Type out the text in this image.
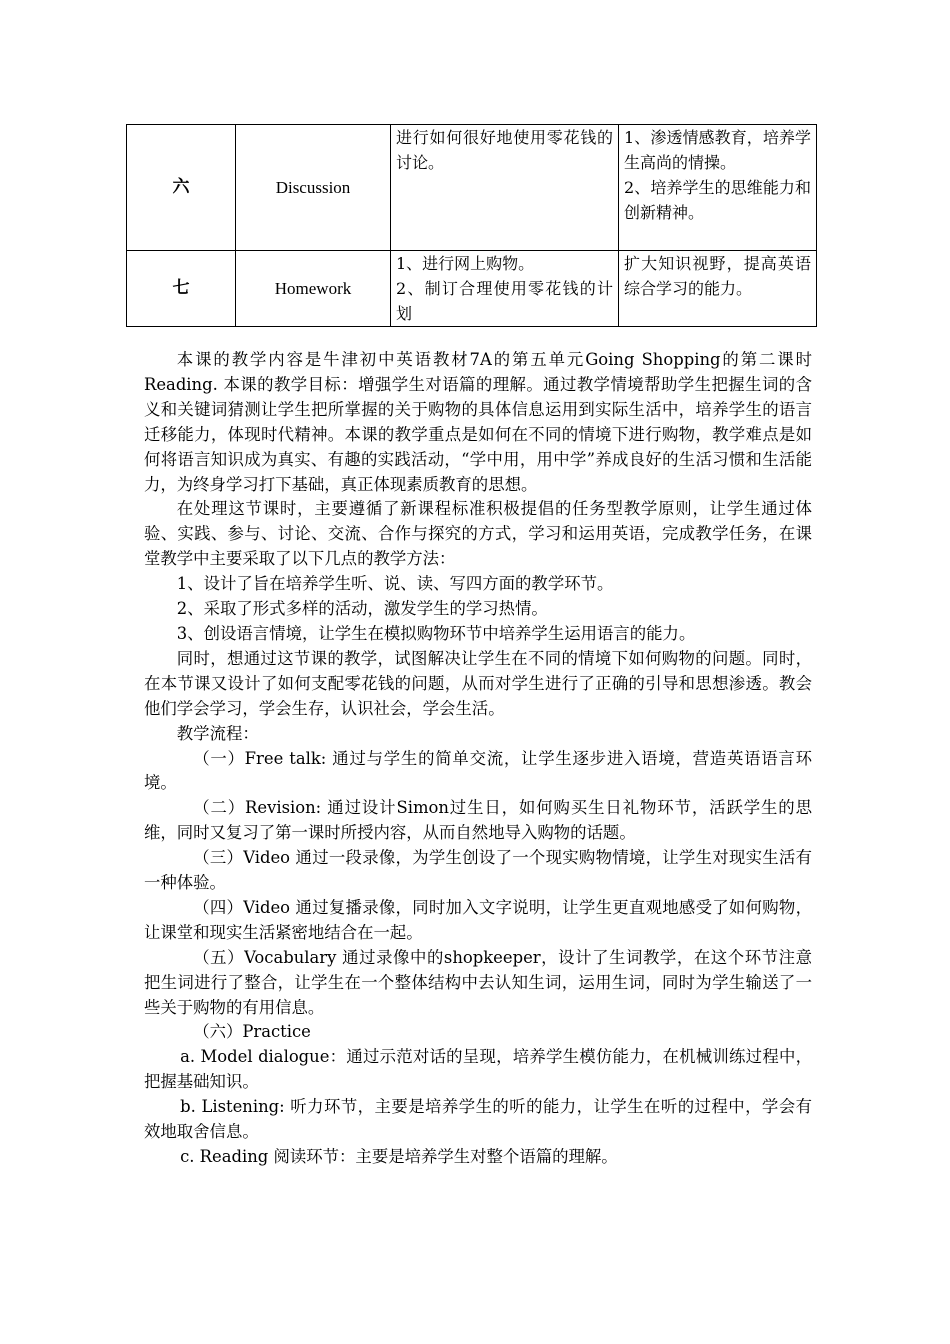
六	Discussion	进行如何很好地使用零花钱的讨论。	1、渗透情感教育，培养学生高尚的情操。
2、培养学生的思维能力和创新精神。

七	Homework	1、进行网上购物。
2、制订合理使用零花钱的计划	扩大知识视野，提高英语综合学习的能力。

本课的教学内容是牛津初中英语教材7A的第五单元Going Shopping的第二课时Reading. 本课的教学目标：增强学生对语篇的理解。通过教学情境帮助学生把握生词的含义和关键词猜测让学生把所掌握的关于购物的具体信息运用到实际生活中，培养学生的语言迁移能力，体现时代精神。本课的教学重点是如何在不同的情境下进行购物，教学难点是如何将语言知识成为真实、有趣的实践活动，“学中用，用中学”养成良好的生活习惯和生活能力，为终身学习打下基础，真正体现素质教育的思想。

在处理这节课时，主要遵循了新课程标准积极提倡的任务型教学原则，让学生通过体验、实践、参与、讨论、交流、合作与探究的方式，学习和运用英语，完成教学任务，在课堂教学中主要采取了以下几点的教学方法：

1、设计了旨在培养学生听、说、读、写四方面的教学环节。

2、采取了形式多样的活动，激发学生的学习热情。

3、创设语言情境，让学生在模拟购物环节中培养学生运用语言的能力。

同时，想通过这节课的教学，试图解决让学生在不同的情境下如何购物的问题。同时，在本节课又设计了如何支配零花钱的问题，从而对学生进行了正确的引导和思想渗透。教会他们学会学习，学会生存，认识社会，学会生活。

教学流程：

（一）Free talk: 通过与学生的简单交流，让学生逐步进入语境，营造英语语言环境。

（二）Revision: 通过设计Simon过生日，如何购买生日礼物环节，活跃学生的思维，同时又复习了第一课时所授内容，从而自然地导入购物的话题。

（三）Video 通过一段录像，为学生创设了一个现实购物情境，让学生对现实生活有一种体验。

（四）Video 通过复播录像，同时加入文字说明，让学生更直观地感受了如何购物，让课堂和现实生活紧密地结合在一起。

（五）Vocabulary 通过录像中的shopkeeper，设计了生词教学，在这个环节注意把生词进行了整合，让学生在一个整体结构中去认知生词，运用生词，同时为学生输送了一些关于购物的有用信息。

（六）Practice

a. Model dialogue：通过示范对话的呈现，培养学生模仿能力，在机械训练过程中，把握基础知识。

b. Listening: 听力环节，主要是培养学生的听的能力，让学生在听的过程中，学会有效地取舍信息。

c. Reading 阅读环节：主要是培养学生对整个语篇的理解。
